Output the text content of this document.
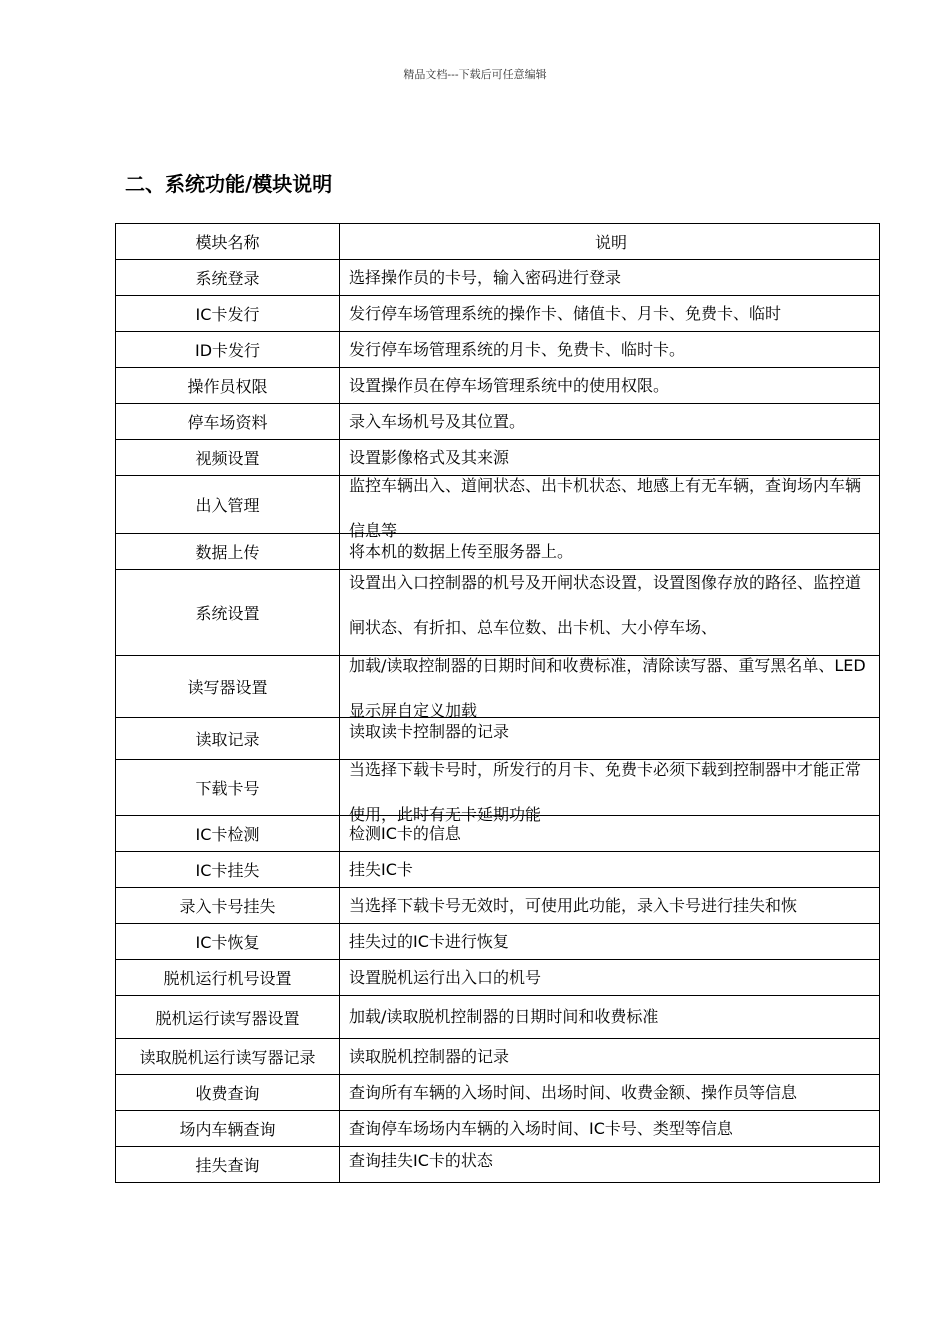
精品文档---下载后可任意编辑
二、系统功能/模块说明
模块名称	说明
系统登录	选择操作员的卡号，输入密码进行登录

IC卡发行	发行停车场管理系统的操作卡、储值卡、月卡、免费卡、临时

ID卡发行	发行停车场管理系统的月卡、免费卡、临时卡。

操作员权限	设置操作员在停车场管理系统中的使用权限。

停车场资料	录入车场机号及其位置。

视频设置	设置影像格式及其来源

出入管理	监控车辆出入、道闸状态、出卡机状态、地感上有无车辆，查询场内车辆信息等

数据上传	将本机的数据上传至服务器上。

系统设置	设置出入口控制器的机号及开闸状态设置，设置图像存放的路径、监控道闸状态、有折扣、总车位数、出卡机、大小停车场、

读写器设置	加载/读取控制器的日期时间和收费标准，清除读写器、重写黑名单、LED显示屏自定义加载

读取记录	读取读卡控制器的记录

下载卡号	当选择下载卡号时，所发行的月卡、免费卡必须下载到控制器中才能正常使用，此时有无卡延期功能

IC卡检测	检测IC卡的信息

IC卡挂失	挂失IC卡

录入卡号挂失	当选择下载卡号无效时，可使用此功能，录入卡号进行挂失和恢

IC卡恢复	挂失过的IC卡进行恢复

脱机运行机号设置	设置脱机运行出入口的机号

脱机运行读写器设置	加载/读取脱机控制器的日期时间和收费标准

读取脱机运行读写器记录	读取脱机控制器的记录

收费查询	查询所有车辆的入场时间、出场时间、收费金额、操作员等信息

场内车辆查询	查询停车场场内车辆的入场时间、IC卡号、类型等信息

挂失查询	查询挂失IC卡的状态
